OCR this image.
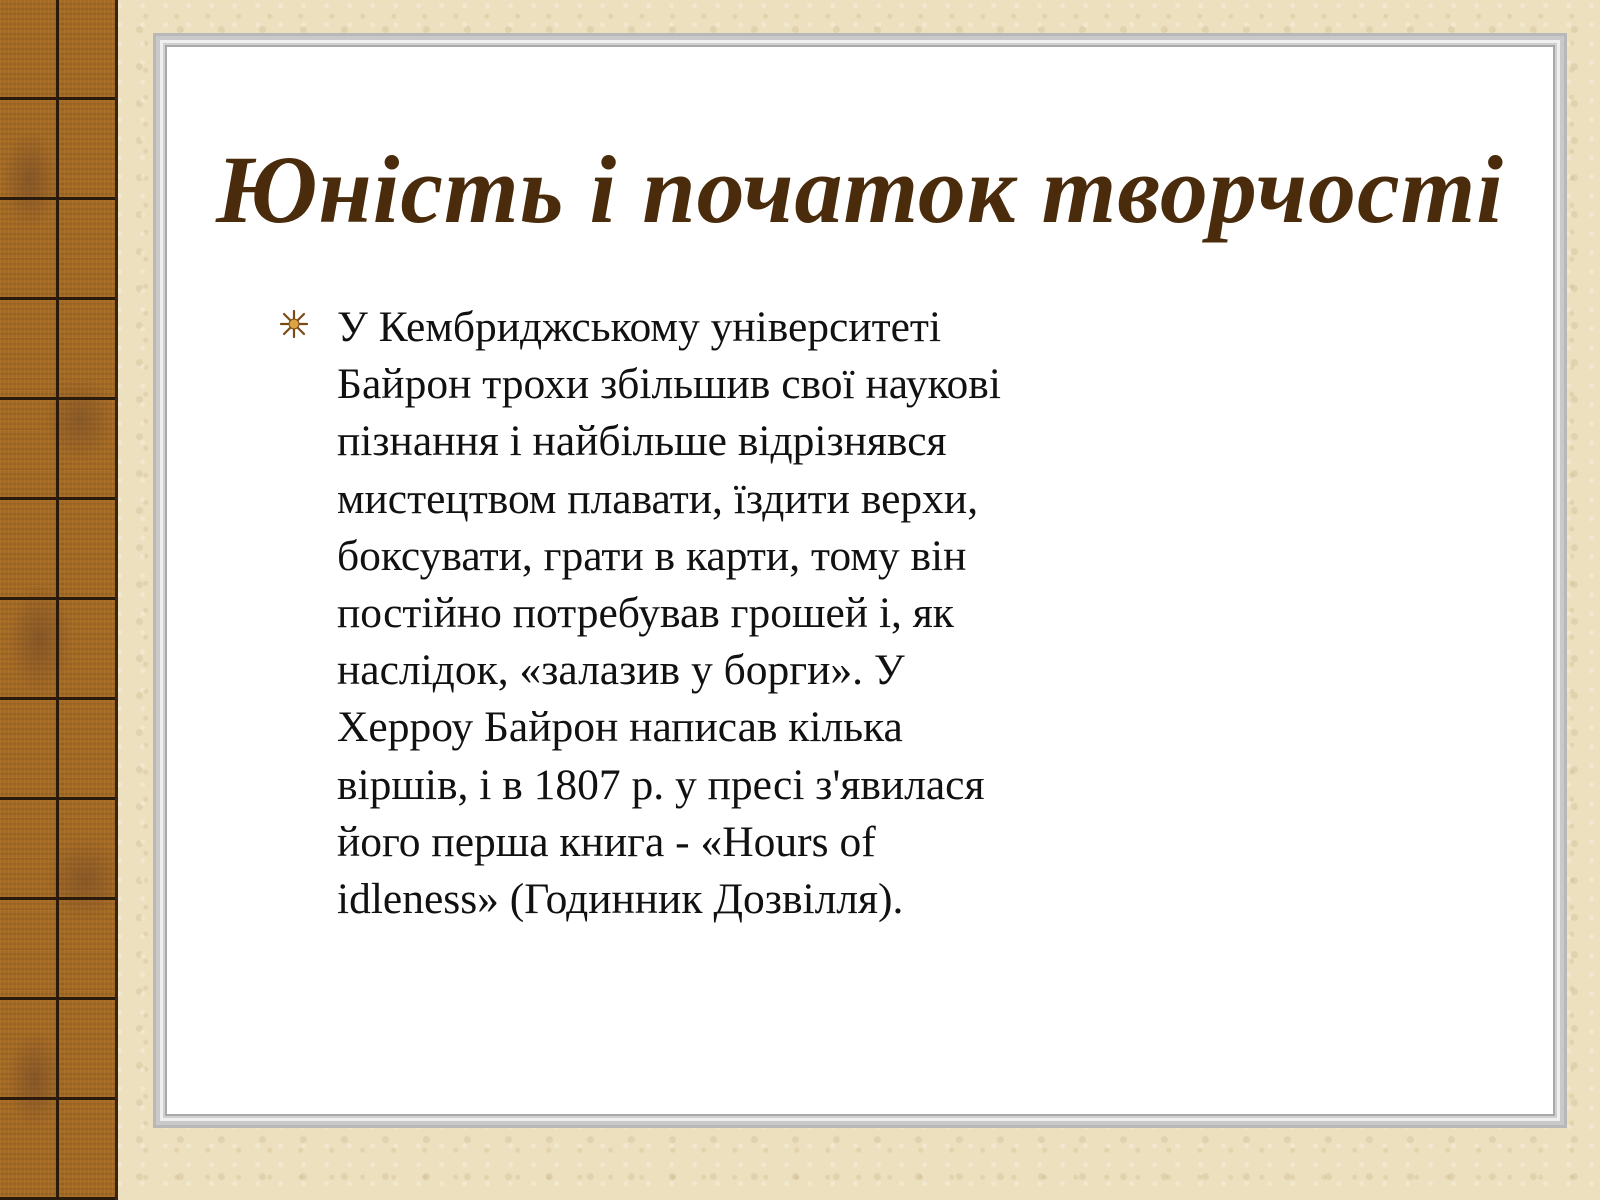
Юність і початок творчості

У Кембриджському університеті
Байрон трохи збільшив свої наукові
пізнання і найбільше відрізнявся
мистецтвом плавати, їздити верхи,
боксувати, грати в карти, тому він
постійно потребував грошей і, як
наслідок, «залазив у борги». У
Херроу Байрон написав кілька
віршів, і в 1807 р. у пресі з'явилася
його перша книга - «Hours of
idleness» (Годинник Дозвілля).
